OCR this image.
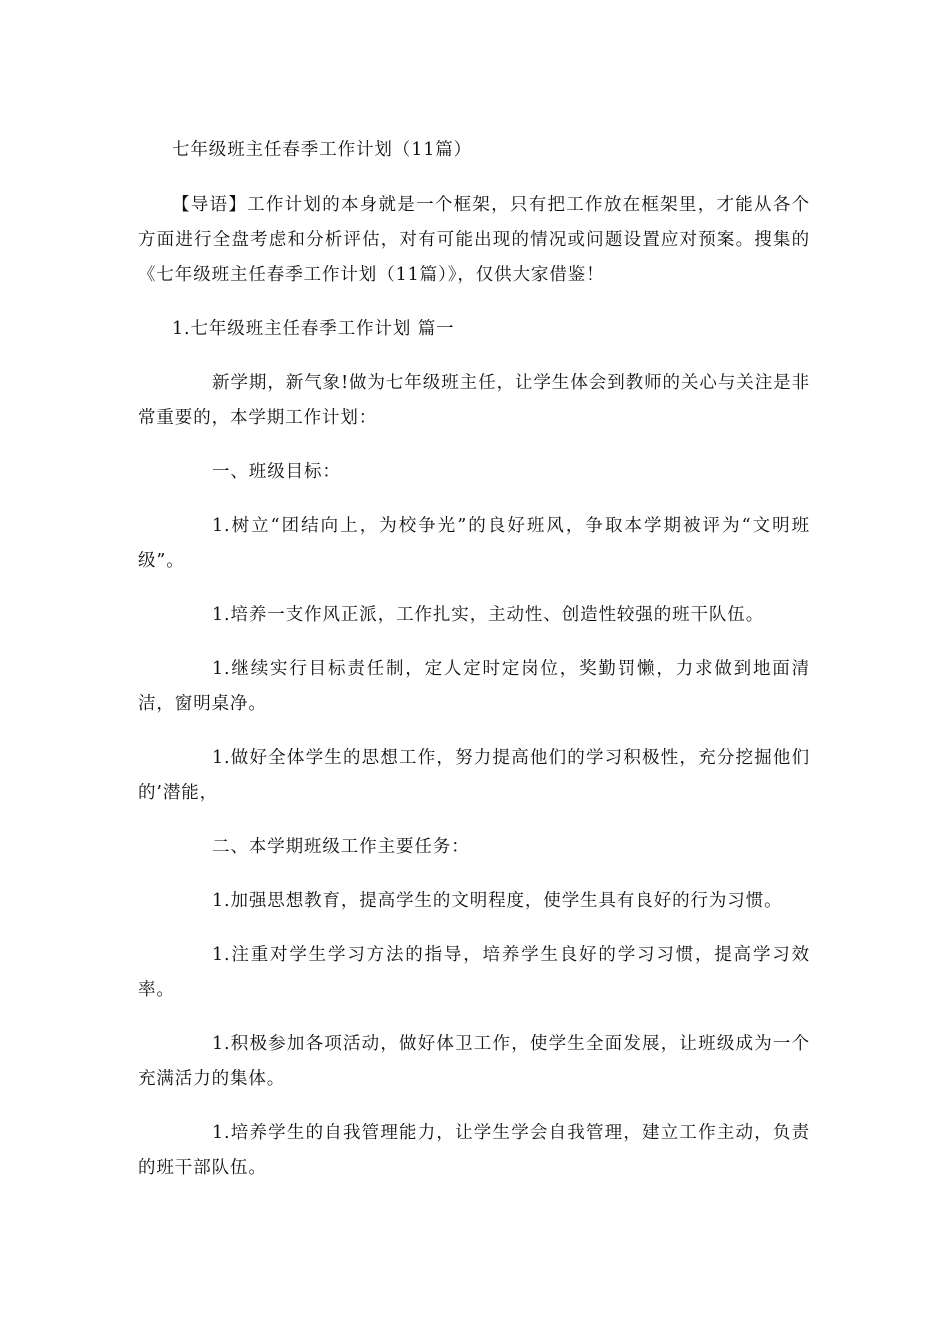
七年级班主任春季工作计划（11篇）

【导语】工作计划的本身就是一个框架，只有把工作放在框架里，才能从各个方面进行全盘考虑和分析评估，对有可能出现的情况或问题设置应对预案。搜集的《七年级班主任春季工作计划（11篇）》，仅供大家借鉴！

1.七年级班主任春季工作计划 篇一

新学期，新气象!做为七年级班主任，让学生体会到教师的关心与关注是非常重要的，本学期工作计划：

一、班级目标：

1.树立“团结向上，为校争光”的良好班风，争取本学期被评为“文明班级”。

1.培养一支作风正派，工作扎实，主动性、创造性较强的班干队伍。

1.继续实行目标责任制，定人定时定岗位，奖勤罚懒，力求做到地面清洁，窗明桌净。

1.做好全体学生的思想工作，努力提高他们的学习积极性，充分挖掘他们的’潜能，

二、本学期班级工作主要任务：

1.加强思想教育，提高学生的文明程度，使学生具有良好的行为习惯。

1.注重对学生学习方法的指导，培养学生良好的学习习惯，提高学习效率。

1.积极参加各项活动，做好体卫工作，使学生全面发展，让班级成为一个充满活力的集体。

1.培养学生的自我管理能力，让学生学会自我管理，建立工作主动，负责的班干部队伍。
